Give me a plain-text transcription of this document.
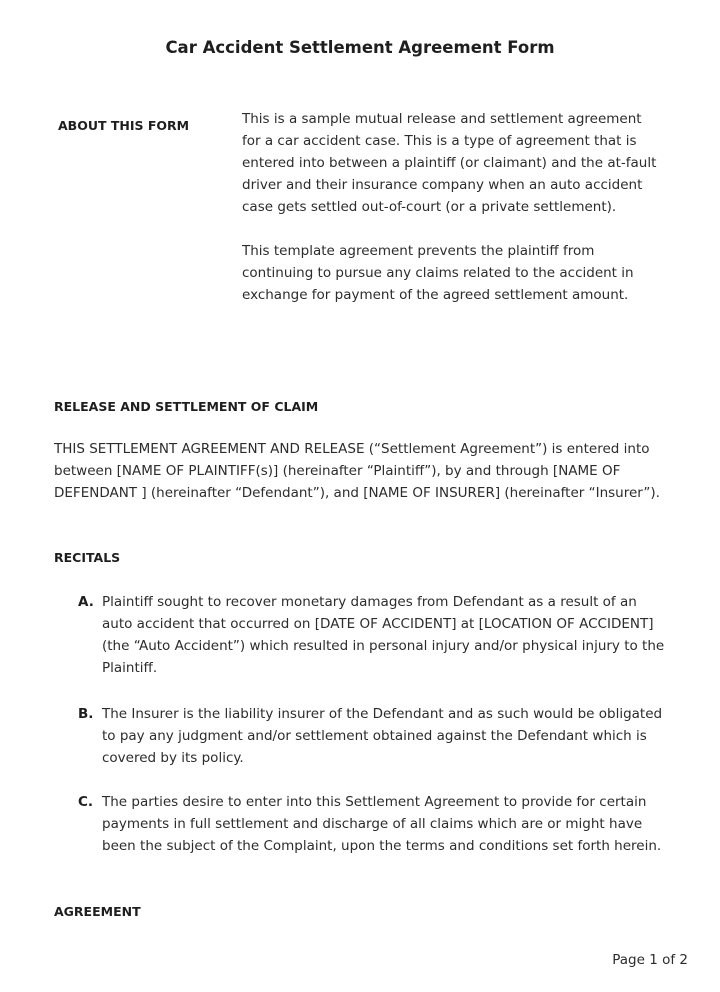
Car Accident Settlement Agreement Form
ABOUT THIS FORM	This is a sample mutual release and settlement agreement for a car accident case. This is a type of agreement that is entered into between a plaintiff (or claimant) and the at-fault driver and their insurance company when an auto accident case gets settled out-of-court (or a private settlement).

This template agreement prevents the plaintiff from continuing to pursue any claims related to the accident in exchange for payment of the agreed settlement amount.

RELEASE AND SETTLEMENT OF CLAIM

THIS SETTLEMENT AGREEMENT AND RELEASE (“Settlement Agreement”) is entered into between [NAME OF PLAINTIFF(s)] (hereinafter “Plaintiff”), by and through [NAME OF DEFENDANT ] (hereinafter “Defendant”), and [NAME OF INSURER] (hereinafter “Insurer”).

RECITALS
A. Plaintiff sought to recover monetary damages from Defendant as a result of an auto accident that occurred on [DATE OF ACCIDENT] at [LOCATION OF ACCIDENT] (the “Auto Accident”) which resulted in personal injury and/or physical injury to the Plaintiff.
B. The Insurer is the liability insurer of the Defendant and as such would be obligated to pay any judgment and/or settlement obtained against the Defendant which is covered by its policy.
C. The parties desire to enter into this Settlement Agreement to provide for certain payments in full settlement and discharge of all claims which are or might have been the subject of the Complaint, upon the terms and conditions set forth herein.
AGREEMENT
Page 1 of 2
